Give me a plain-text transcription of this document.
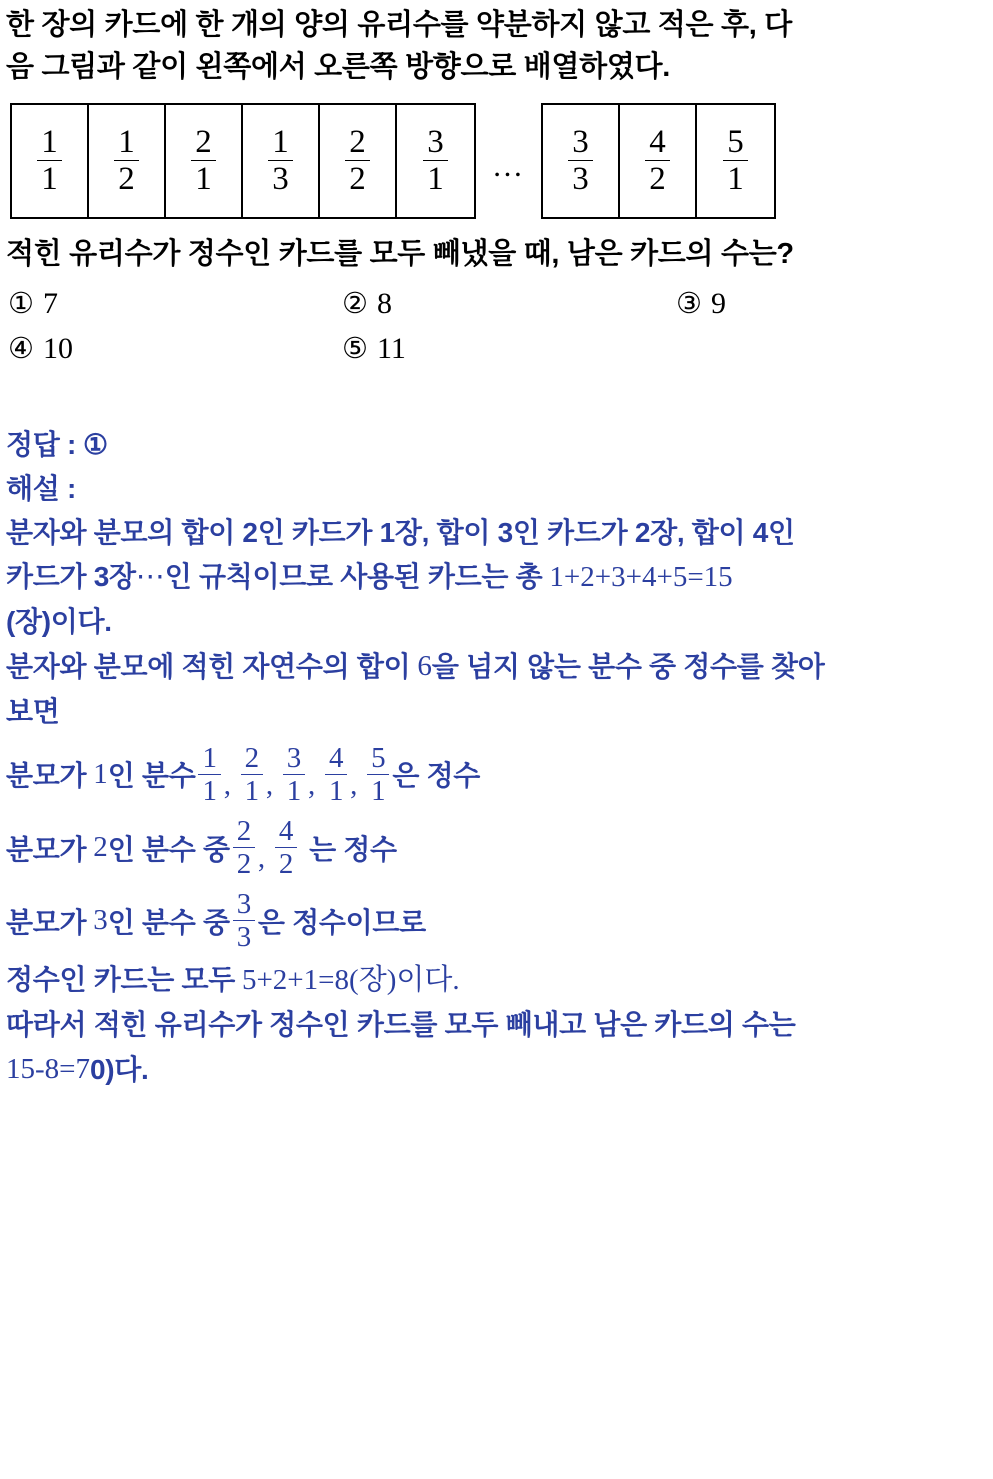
한 장의 카드에 한 개의 양의 유리수를 약분하지 않고 적은 후, 다
음 그림과 같이 왼쪽에서 오른쪽 방향으로 배열하였다.
$\frac{1}{1} \frac{1}{2} \frac{2}{1} \frac{1}{3} \frac{2}{2} \frac{3}{1}$	…	$\frac{3}{3} \frac{4}{2} \frac{5}{1}$
적힌 유리수가 정수인 카드를 모두 빼냈을 때, 남은 카드의 수는?
① 7	② 8	③ 9
④ 10	⑤ 11
정답 : ①
해설 :
분자와 분모의 합이 2인 카드가 1장, 합이 3인 카드가 2장, 합이 4인
카드가 3장 ⋯ 인 규칙이므로 사용된 카드는 총 1+2+3+4+5=15
(장)이다.
분자와 분모에 적힌 자연수의 합이 6 을 넘지 않는 분수 중 정수를 찾아
보면
분모가 1 인 분수 $\frac{1}{1}$ , $\frac{2}{1}$ , $\frac{3}{1}$ , $\frac{4}{1}$ , $\frac{5}{1}$ 은 정수
분모가 2 인 분수 중 $\frac{2}{2}$ , $\frac{4}{2}$ 는 정수
분모가 3 인 분수 중 $\frac{3}{3}$ 은 정수이므로
정수인 카드는 모두 5+2+1=8 (장)이다.
따라서 적힌 유리수가 정수인 카드를 모두 빼내고 남은 카드의 수는
15-8=7 0)다.
